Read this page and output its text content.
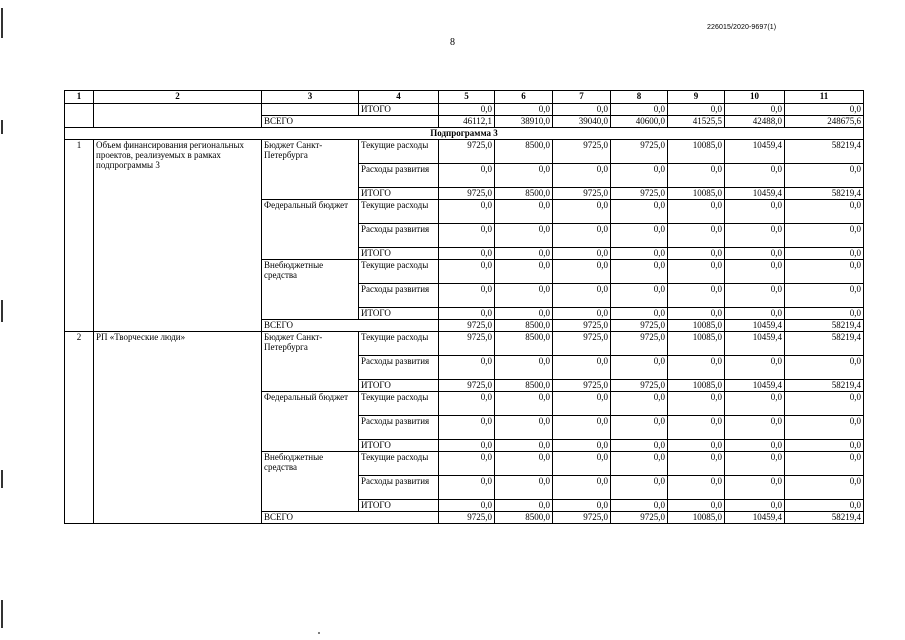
226015/2020-9697(1)
8
1	2	3	4	5	6	7	8	9	10	11
			ИТОГО	0,0	0,0	0,0	0,0	0,0	0,0	0,0
		ВСЕГО		46112,1	38910,0	39040,0	40600,0	41525,5	42488,0	248675,6
Подпрограмма 3										
1	Объем финансирования региональных проектов, реализуемых в рамках подпрограммы 3	Бюджет Санкт-Петербурга	Текущие расходы	9725,0	8500,0	9725,0	9725,0	10085,0	10459,4	58219,4
			Расходы развития	0,0	0,0	0,0	0,0	0,0	0,0	0,0
			ИТОГО	9725,0	8500,0	9725,0	9725,0	10085,0	10459,4	58219,4
		Федеральный бюджет	Текущие расходы	0,0	0,0	0,0	0,0	0,0	0,0	0,0
			Расходы развития	0,0	0,0	0,0	0,0	0,0	0,0	0,0
			ИТОГО	0,0	0,0	0,0	0,0	0,0	0,0	0,0
		Внебюджетные средства	Текущие расходы	0,0	0,0	0,0	0,0	0,0	0,0	0,0
			Расходы развития	0,0	0,0	0,0	0,0	0,0	0,0	0,0
			ИТОГО	0,0	0,0	0,0	0,0	0,0	0,0	0,0
		ВСЕГО		9725,0	8500,0	9725,0	9725,0	10085,0	10459,4	58219,4
2	РП «Творческие люди»	Бюджет Санкт-Петербурга	Текущие расходы	9725,0	8500,0	9725,0	9725,0	10085,0	10459,4	58219,4
			Расходы развития	0,0	0,0	0,0	0,0	0,0	0,0	0,0
			ИТОГО	9725,0	8500,0	9725,0	9725,0	10085,0	10459,4	58219,4
		Федеральный бюджет	Текущие расходы	0,0	0,0	0,0	0,0	0,0	0,0	0,0
			Расходы развития	0,0	0,0	0,0	0,0	0,0	0,0	0,0
			ИТОГО	0,0	0,0	0,0	0,0	0,0	0,0	0,0
		Внебюджетные средства	Текущие расходы	0,0	0,0	0,0	0,0	0,0	0,0	0,0
			Расходы развития	0,0	0,0	0,0	0,0	0,0	0,0	0,0
			ИТОГО	0,0	0,0	0,0	0,0	0,0	0,0	0,0
		ВСЕГО		9725,0	8500,0	9725,0	9725,0	10085,0	10459,4	58219,4
